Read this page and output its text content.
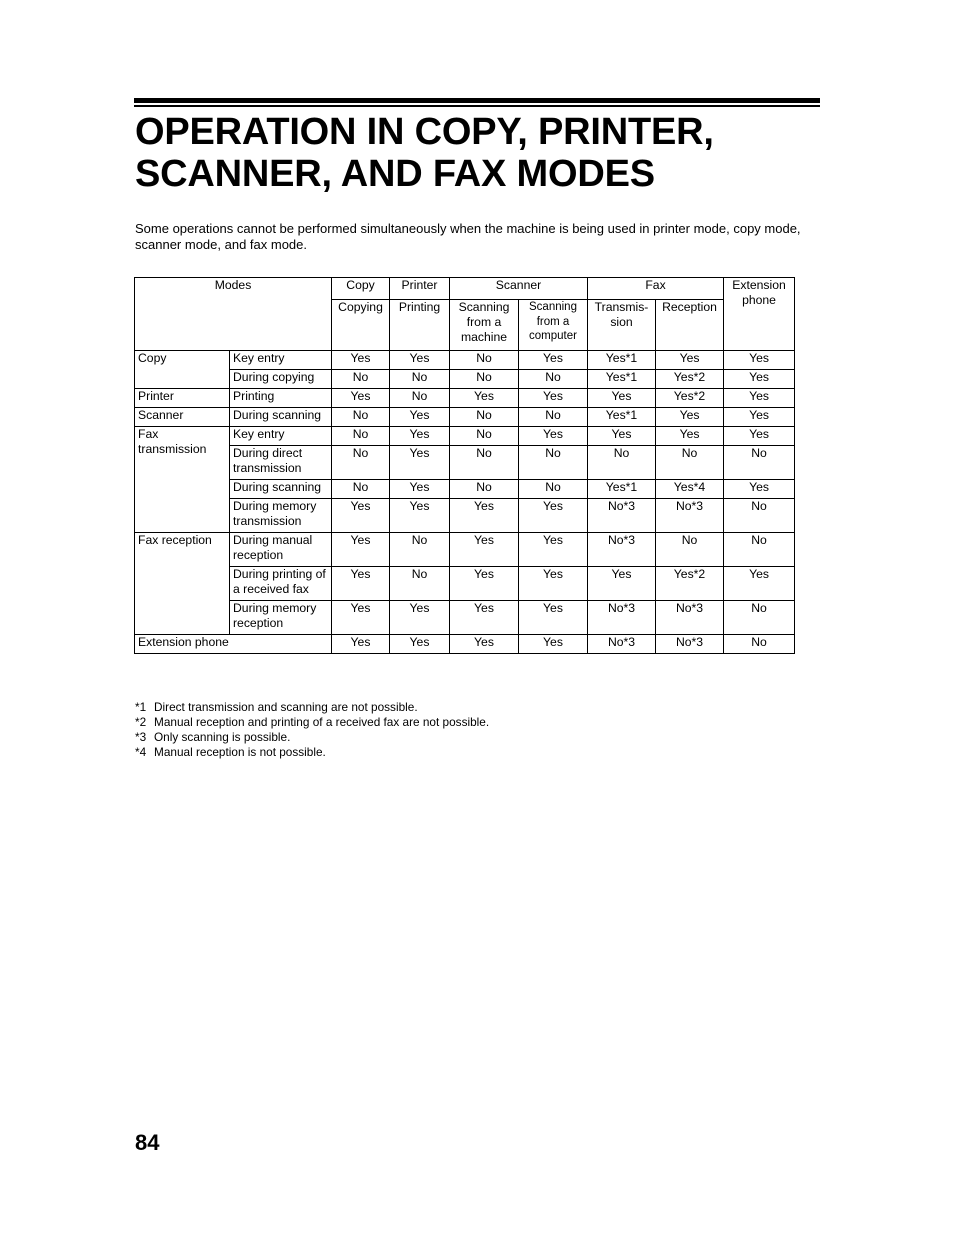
OPERATION IN COPY, PRINTER,
SCANNER, AND FAX MODES

Some operations cannot be performed simultaneously when the machine is being used in printer mode, copy mode, scanner mode, and fax mode.

Modes		Copy	Printer	Scanner		Fax		Extension phone
		Copying	Printing	Scanning from a machine	Scanning from a computer	Transmis-sion	Reception	
Copy	Key entry	Yes	Yes	No	Yes	Yes*1	Yes	Yes
	During copying	No	No	No	No	Yes*1	Yes*2	Yes
Printer	Printing	Yes	No	Yes	Yes	Yes	Yes*2	Yes
Scanner	During scanning	No	Yes	No	No	Yes*1	Yes	Yes
Fax transmission	Key entry	No	Yes	No	Yes	Yes	Yes	Yes
	During direct transmission	No	Yes	No	No	No	No	No
	During scanning	No	Yes	No	No	Yes*1	Yes*4	Yes
	During memory transmission	Yes	Yes	Yes	Yes	No*3	No*3	No
Fax reception	During manual reception	Yes	No	Yes	Yes	No*3	No	No
	During printing of a received fax	Yes	No	Yes	Yes	Yes	Yes*2	Yes
	During memory reception	Yes	Yes	Yes	Yes	No*3	No*3	No
Extension phone		Yes	Yes	Yes	Yes	No*3	No*3	No
*1 Direct transmission and scanning are not possible.
*2 Manual reception and printing of a received fax are not possible.
*3 Only scanning is possible.
*4 Manual reception is not possible.
84
